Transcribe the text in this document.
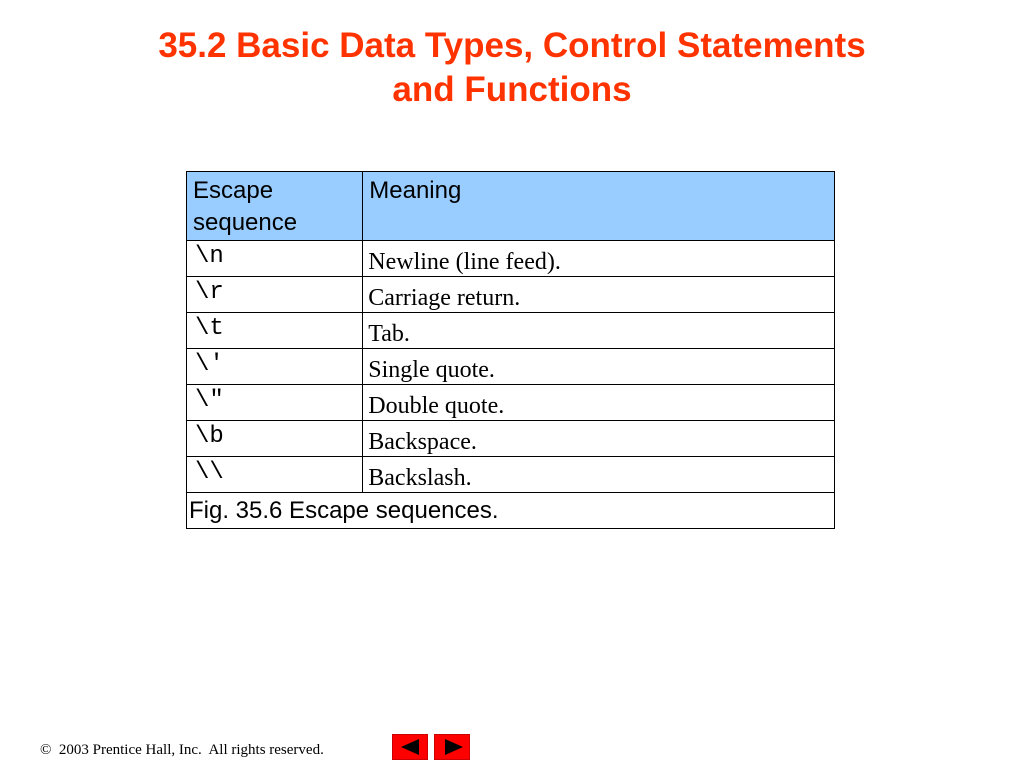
35.2 Basic Data Types, Control Statements
and Functions
Escape sequence	Meaning
\n	Newline (line feed).
\r	Carriage return.
\t	Tab.
\'	Single quote.
\"	Double quote.
\b	Backspace.
\\	Backslash.
Fig. 35.6 Escape sequences.	
©  2003 Prentice Hall, Inc.  All rights reserved.
